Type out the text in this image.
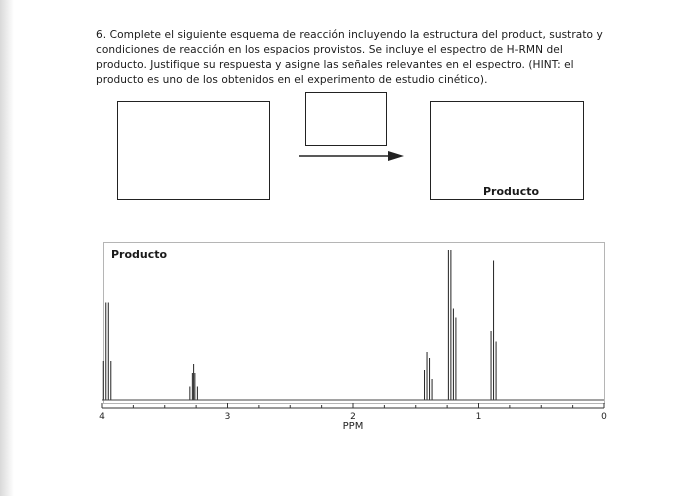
6. Complete el siguiente esquema de reacción incluyendo la estructura del product, sustrato y condiciones de reacción en los espacios provistos. Se incluye el espectro de H-RMN del producto. Justifique su respuesta y asigne las señales relevantes en el espectro. (HINT: el producto es uno de los obtenidos en el experimento de estudio cinético).
Producto
Producto
4	3	2	1	0
PPM
